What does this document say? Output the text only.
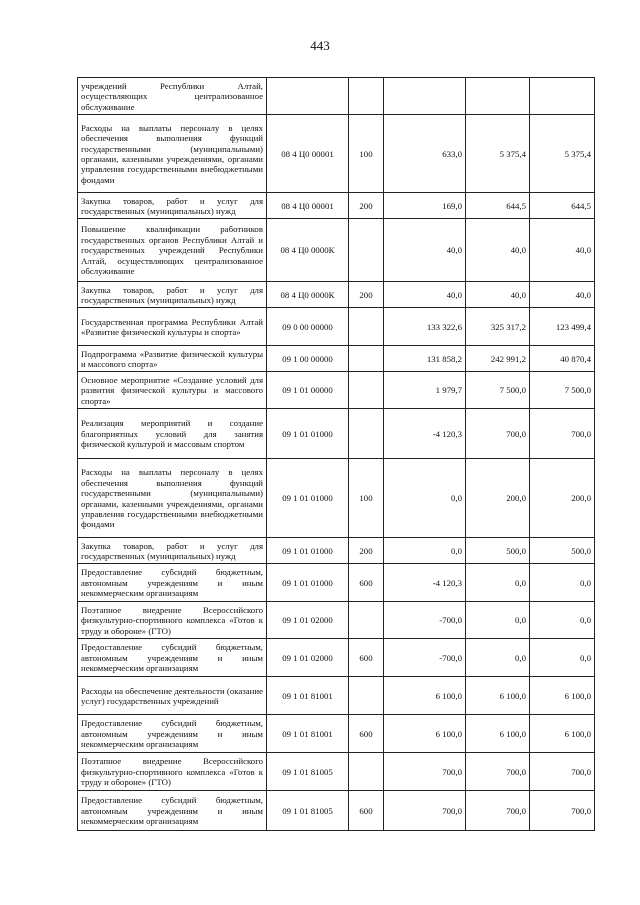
443
учреждений Республики Алтай, осуществляющих централизованное обслуживание					
Расходы на выплаты персоналу в целях обеспечения выполнения функций государственными (муниципальными) органами, казенными учреждениями, органами управления государственными внебюджетными фондами	08 4 Ц0 00001	100	633,0	5 375,4	5 375,4
Закупка товаров, работ и услуг для государственных (муниципальных) нужд	08 4 Ц0 00001	200	169,0	644,5	644,5
Повышение квалификации работников государственных органов Республики Алтай и государственных учреждений Республики Алтай, осуществляющих централизованное обслуживание	08 4 Ц0 0000К		40,0	40,0	40,0
Закупка товаров, работ и услуг для государственных (муниципальных) нужд	08 4 Ц0 0000К	200	40,0	40,0	40,0
Государственная программа Республики Алтай «Развитие физической культуры и спорта»	09 0 00 00000		133 322,6	325 317,2	123 499,4
Подпрограмма «Развитие физической культуры и массового спорта»	09 1 00 00000		131 858,2	242 991,2	40 870,4
Основное мероприятие «Создание условий для развития физической культуры и массового спорта»	09 1 01 00000		1 979,7	7 500,0	7 500,0
Реализация мероприятий и создание благоприятных условий для занятия физической культурой и массовым спортом	09 1 01 01000		-4 120,3	700,0	700,0
Расходы на выплаты персоналу в целях обеспечения выполнения функций государственными (муниципальными) органами, казенными учреждениями, органами управления государственными внебюджетными фондами	09 1 01 01000	100	0,0	200,0	200,0
Закупка товаров, работ и услуг для государственных (муниципальных) нужд	09 1 01 01000	200	0,0	500,0	500,0
Предоставление субсидий бюджетным, автономным учреждениям и иным некоммерческим организациям	09 1 01 01000	600	-4 120,3	0,0	0,0
Поэтапное внедрение Всероссийского физкультурно-спортивного комплекса «Готов к труду и обороне» (ГТО)	09 1 01 02000		-700,0	0,0	0,0
Предоставление субсидий бюджетным, автономным учреждениям и иным некоммерческим организациям	09 1 01 02000	600	-700,0	0,0	0,0
Расходы на обеспечение деятельности (оказание услуг) государственных учреждений	09 1 01 81001		6 100,0	6 100,0	6 100,0
Предоставление субсидий бюджетным, автономным учреждениям и иным некоммерческим организациям	09 1 01 81001	600	6 100,0	6 100,0	6 100,0
Поэтапное внедрение Всероссийского физкультурно-спортивного комплекса «Готов к труду и обороне» (ГТО)	09 1 01 81005		700,0	700,0	700,0
Предоставление субсидий бюджетным, автономным учреждениям и иным некоммерческим организациям	09 1 01 81005	600	700,0	700,0	700,0
